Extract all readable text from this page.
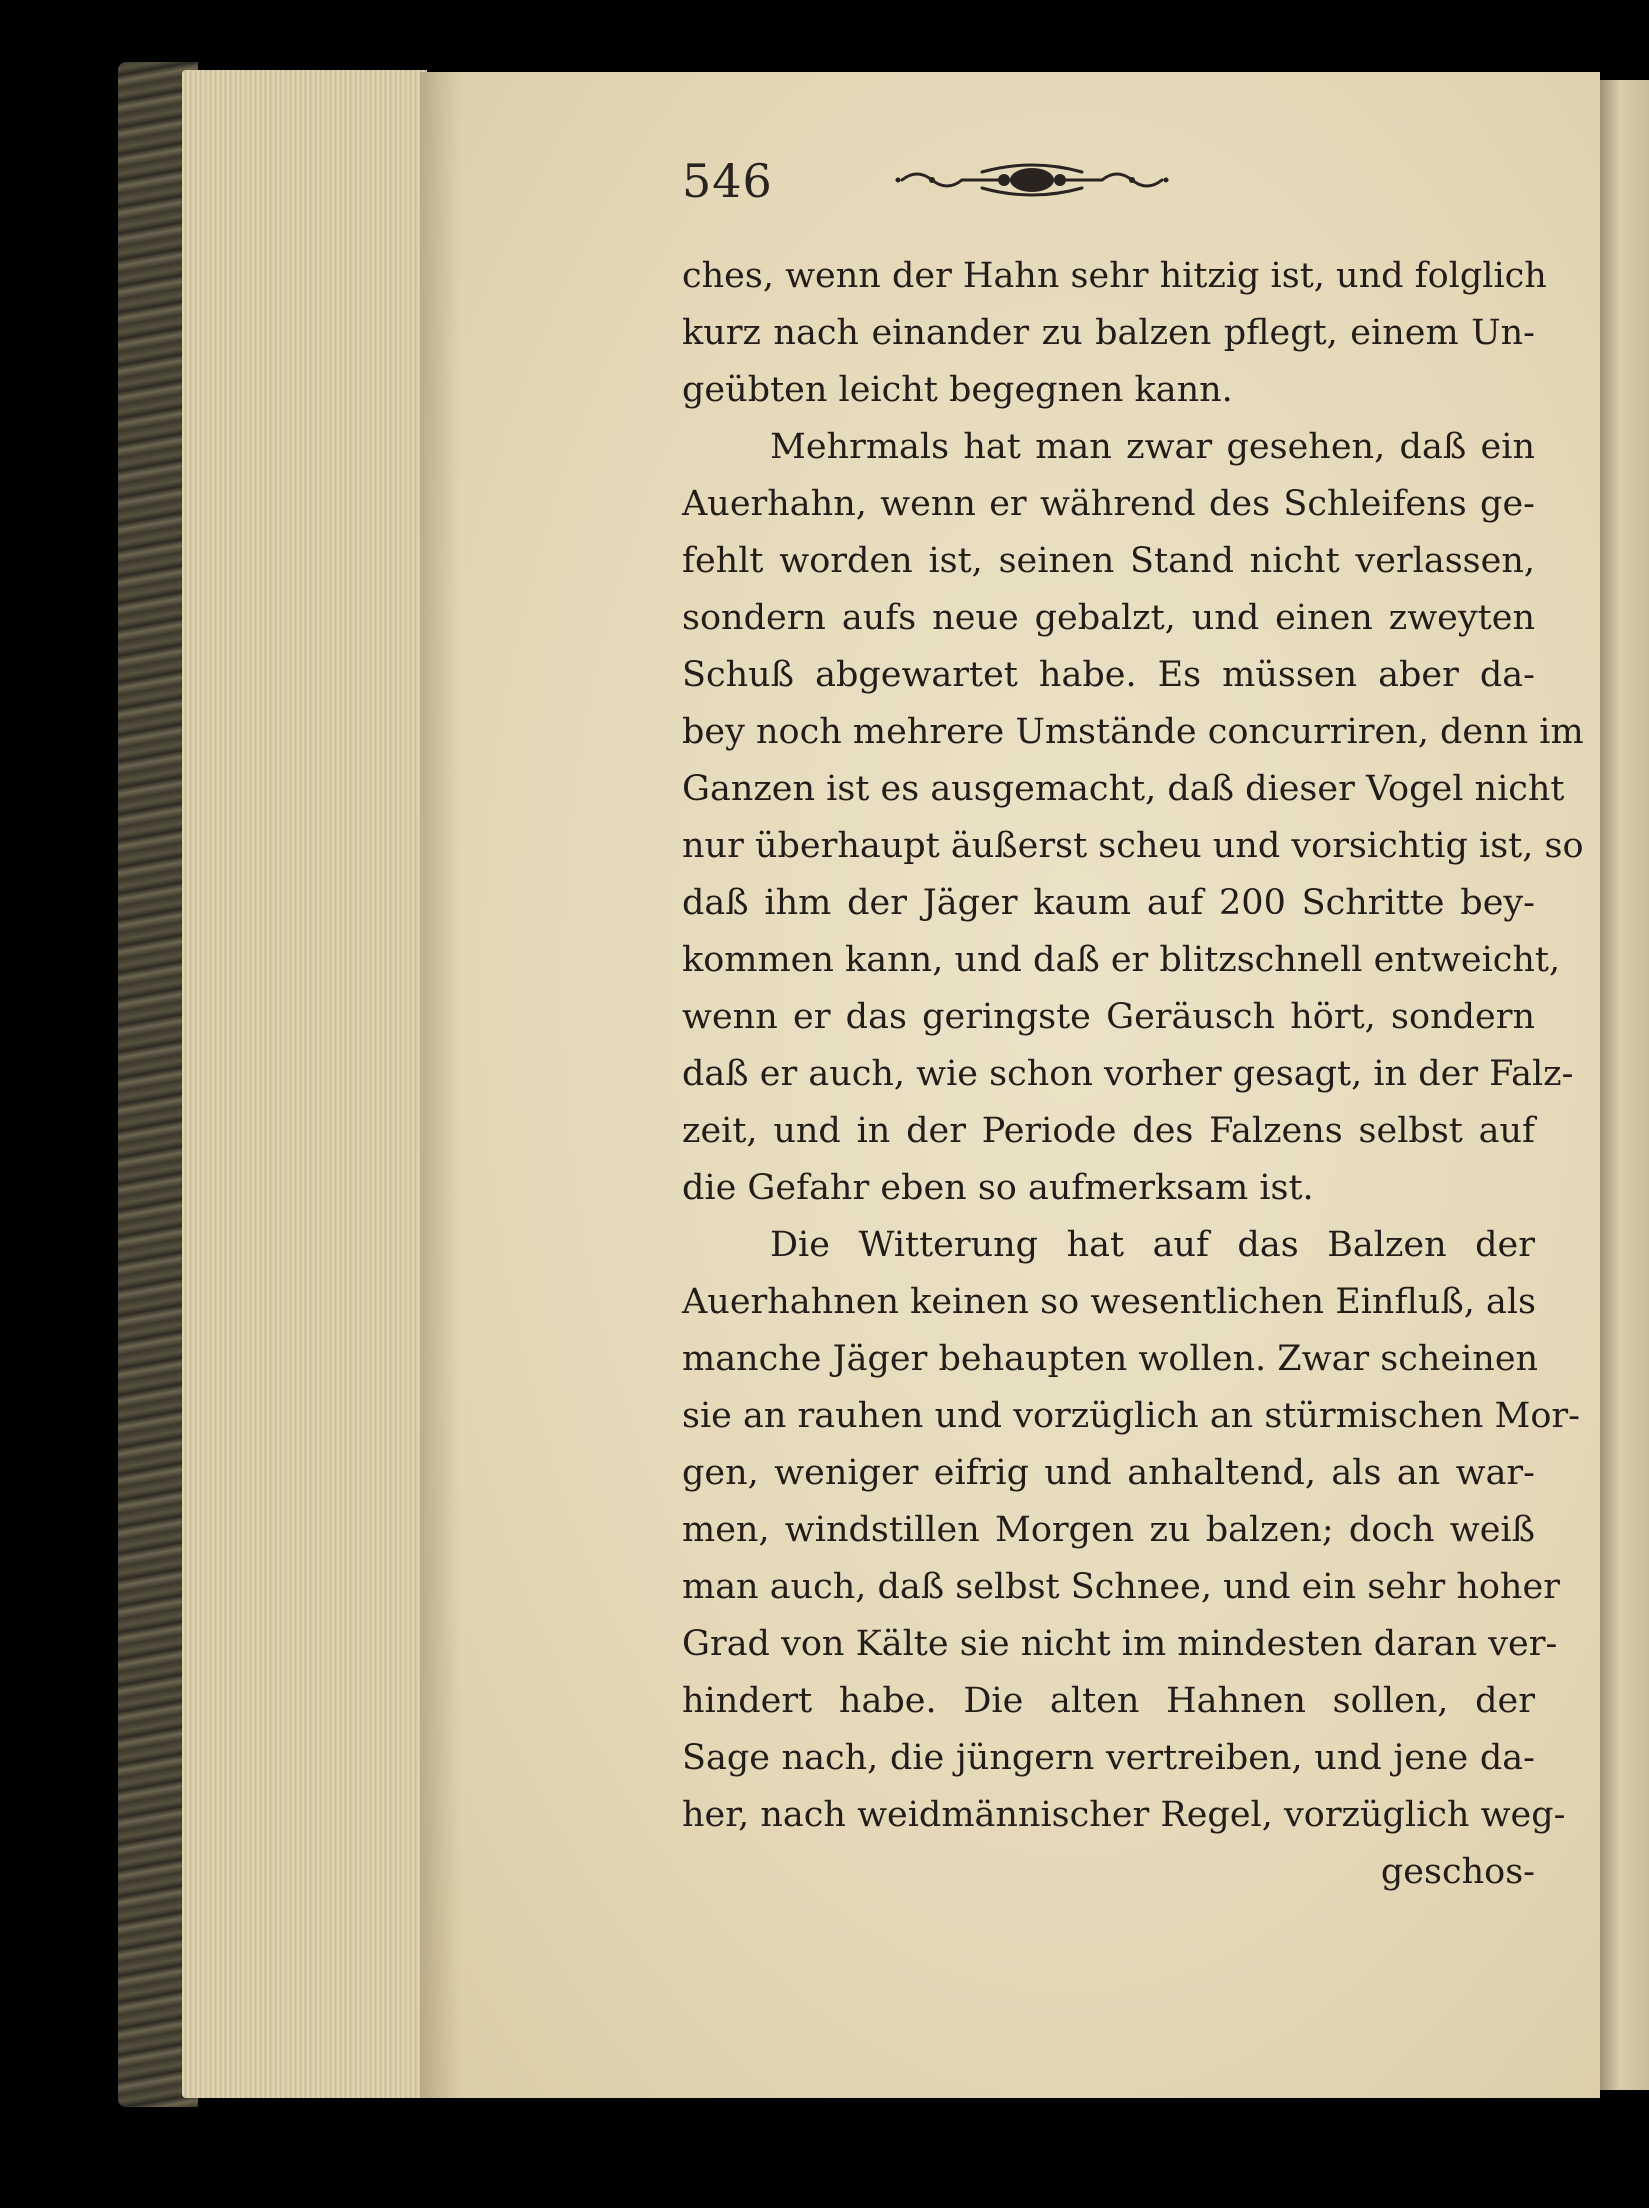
546
ches, wenn der Hahn sehr hitzig ist, und folglich
kurz nach einander zu balzen pflegt, einem Un-
geübten leicht begegnen kann.
Mehrmals hat man zwar gesehen, daß ein
Auerhahn, wenn er während des Schleifens ge-
fehlt worden ist, seinen Stand nicht verlassen,
sondern aufs neue gebalzt, und einen zweyten
Schuß abgewartet habe. Es müssen aber da-
bey noch mehrere Umstände concurriren, denn im
Ganzen ist es ausgemacht, daß dieser Vogel nicht
nur überhaupt äußerst scheu und vorsichtig ist, so
daß ihm der Jäger kaum auf 200 Schritte bey-
kommen kann, und daß er blitzschnell entweicht,
wenn er das geringste Geräusch hört, sondern
daß er auch, wie schon vorher gesagt, in der Falz-
zeit, und in der Periode des Falzens selbst auf
die Gefahr eben so aufmerksam ist.
Die Witterung hat auf das Balzen der
Auerhahnen keinen so wesentlichen Einfluß, als
manche Jäger behaupten wollen. Zwar scheinen
sie an rauhen und vorzüglich an stürmischen Mor-
gen, weniger eifrig und anhaltend, als an war-
men, windstillen Morgen zu balzen; doch weiß
man auch, daß selbst Schnee, und ein sehr hoher
Grad von Kälte sie nicht im mindesten daran ver-
hindert habe. Die alten Hahnen sollen, der
Sage nach, die jüngern vertreiben, und jene da-
her, nach weidmännischer Regel, vorzüglich weg-
geschos-
